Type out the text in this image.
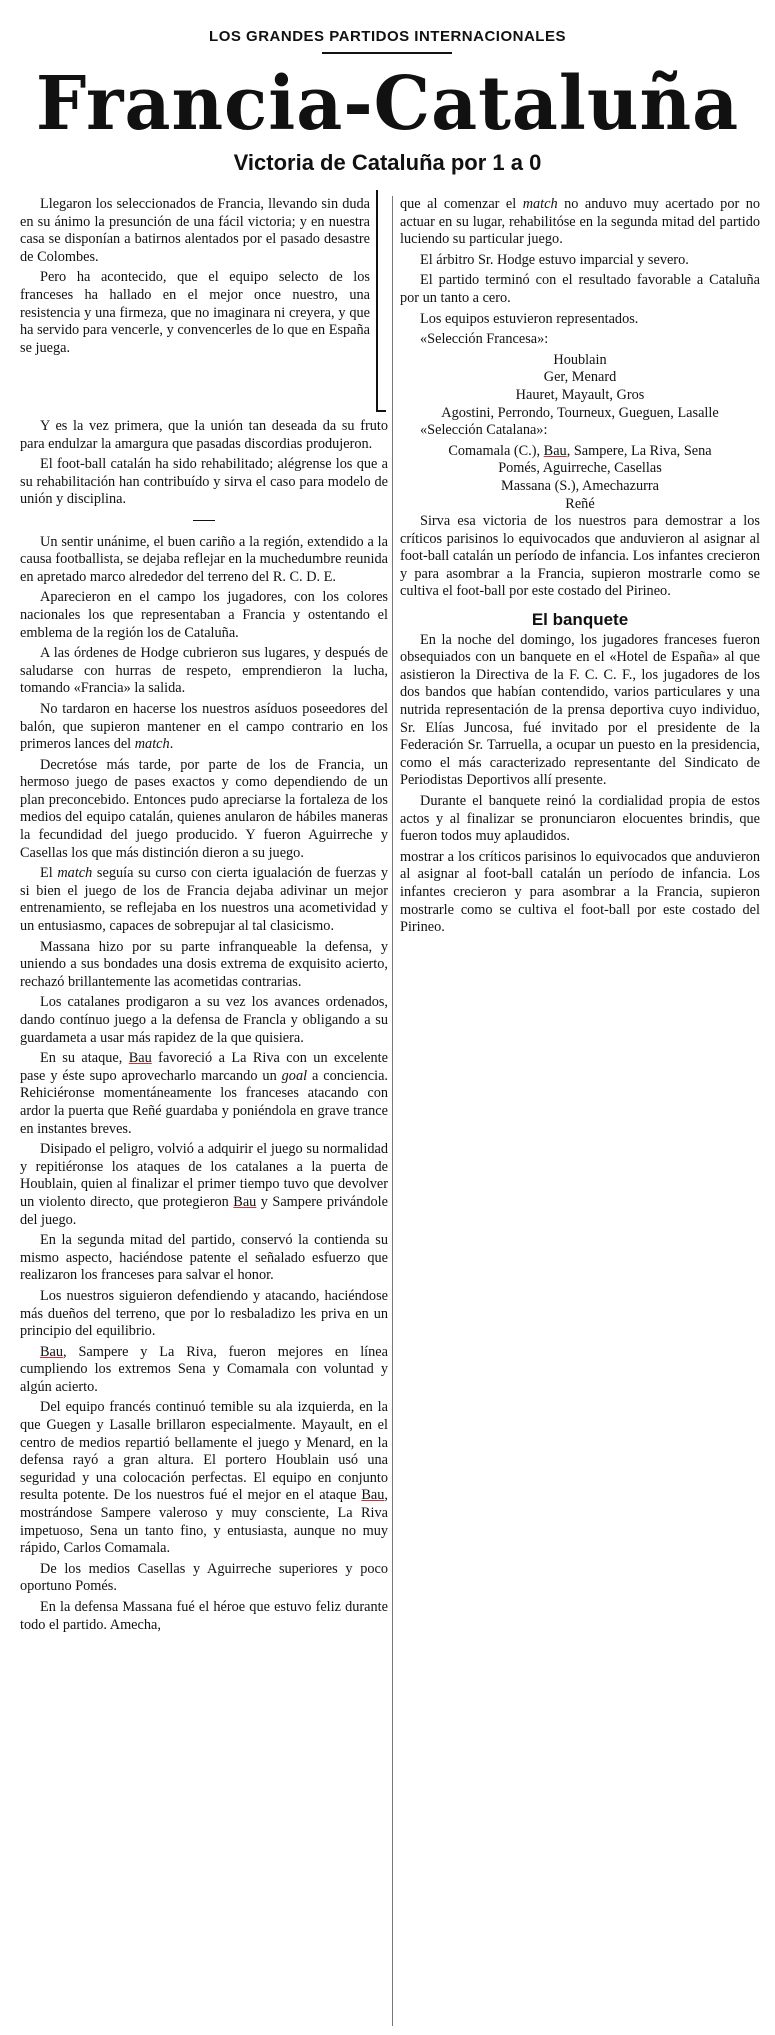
LOS GRANDES PARTIDOS INTERNACIONALES
Francia-Cataluña
Victoria de Cataluña por 1 a 0

Llegaron los seleccionados de Francia, llevando sin duda en su ánimo la presunción de una fácil victoria; y en nuestra casa se disponían a batirnos alentados por el pasado desastre de Colombes.

Pero ha acontecido, que el equipo selecto de los franceses ha hallado en el mejor once nuestro, una resistencia y una firmeza, que no imaginara ni creyera, y que ha servido para vencerle, y convencerles de lo que en España se juega.

Y es la vez primera, que la unión tan deseada da su fruto para endulzar la amargura que pasadas discordias produjeron.

El foot-ball catalán ha sido rehabilitado; alégrense los que a su rehabilitación han contribuído y sirva el caso para modelo de unión y disciplina.

Un sentir unánime, el buen cariño a la región, extendido a la causa footballista, se dejaba reflejar en la muchedumbre reunida en apretado marco alrededor del terreno del R. C. D. E.

Aparecieron en el campo los jugadores, con los colores nacionales los que representaban a Francia y ostentando el emblema de la región los de Cataluña.

A las órdenes de Hodge cubrieron sus lugares, y después de saludarse con hurras de respeto, emprendieron la lucha, tomando «Francia» la salida.

No tardaron en hacerse los nuestros asíduos poseedores del balón, que supieron mantener en el campo contrario en los primeros lances del match.

Decretóse más tarde, por parte de los de Francia, un hermoso juego de pases exactos y como dependiendo de un plan preconcebido. Entonces pudo apreciarse la fortaleza de los medios del equipo catalán, quienes anularon de hábiles maneras la fecundidad del juego producido. Y fueron Aguirreche y Casellas los que más distinción dieron a su juego.

El match seguía su curso con cierta igualación de fuerzas y si bien el juego de los de Francia dejaba adivinar un mejor entrenamiento, se reflejaba en los nuestros una acometividad y un entusiasmo, capaces de sobrepujar al tal clasicismo.

Massana hizo por su parte infranqueable la defensa, y uniendo a sus bondades una dosis extrema de exquisito acierto, rechazó brillantemente las acometidas contrarias.

Los catalanes prodigaron a su vez los avances ordenados, dando contínuo juego a la defensa de Francla y obligando a su guardameta a usar más rapidez de la que quisiera.

En su ataque, Bau favoreció a La Riva con un excelente pase y éste supo aprovecharlo marcando un goal a conciencia. Rehiciéronse momentáneamente los franceses atacando con ardor la puerta que Reñé guardaba y poniéndola en grave trance en instantes breves.

Disipado el peligro, volvió a adquirir el juego su normalidad y repitiéronse los ataques de los catalanes a la puerta de Houblain, quien al finalizar el primer tiempo tuvo que devolver un violento directo, que protegieron Bau y Sampere privándole del juego.

En la segunda mitad del partido, conservó la contienda su mismo aspecto, haciéndose patente el señalado esfuerzo que realizaron los franceses para salvar el honor.

Los nuestros siguieron defendiendo y atacando, haciéndose más dueños del terreno, que por lo resbaladizo les priva en un principio del equilibrio.

Bau, Sampere y La Riva, fueron mejores en línea cumpliendo los extremos Sena y Comamala con voluntad y algún acierto.

Del equipo francés continuó temible su ala izquierda, en la que Guegen y Lasalle brillaron especialmente. Mayault, en el centro de medios repartió bellamente el juego y Menard, en la defensa rayó a gran altura. El portero Houblain usó una seguridad y una colocación perfectas. El equipo en conjunto resulta potente. De los nuestros fué el mejor en el ataque Bau, mostrándose Sampere valeroso y muy consciente, La Riva impetuoso, Sena un tanto fino, y entusiasta, aunque no muy rápido, Carlos Comamala.

De los medios Casellas y Aguirreche superiores y poco oportuno Pomés.

En la defensa Massana fué el héroe que estuvo feliz durante todo el partido. Amecha,

que al comenzar el match no anduvo muy acertado por no actuar en su lugar, rehabilitóse en la segunda mitad del partido luciendo su particular juego.

El árbitro Sr. Hodge estuvo imparcial y severo.

El partido terminó con el resultado favorable a Cataluña por un tanto a cero.

Los equipos estuvieron representados.

«Selección Francesa»:

Houblain

Ger, Menard

Hauret, Mayault, Gros

Agostini, Perrondo, Tourneux, Gueguen, Lasalle

«Selección Catalana»:

Comamala (C.), Bau, Sampere, La Riva, Sena

Pomés, Aguirreche, Casellas

Massana (S.), Amechazurra

Reñé

Sirva esa victoria de los nuestros para demostrar a los críticos parisinos lo equivocados que anduvieron al asignar al foot-ball catalán un período de infancia. Los infantes crecieron y para asombrar a la Francia, supieron mostrarle como se cultiva el foot-ball por este costado del Pirineo.

El banquete

En la noche del domingo, los jugadores franceses fueron obsequiados con un banquete en el «Hotel de España» al que asistieron la Directiva de la F. C. C. F., los jugadores de los dos bandos que habían contendido, varios particulares y una nutrida representación de la prensa deportiva cuyo individuo, Sr. Elías Juncosa, fué invitado por el presidente de la Federación Sr. Tarruella, a ocupar un puesto en la presidencia, como el más caracterizado representante del Sindicato de Periodistas Deportivos allí presente.

Durante el banquete reinó la cordialidad propia de estos actos y al finalizar se pronunciaron elocuentes brindis, que fueron todos muy aplaudidos.

mostrar a los críticos parisinos lo equivocados que anduvieron al asignar al foot-ball catalán un período de infancia. Los infantes crecieron y para asombrar a la Francia, supieron mostrarle como se cultiva el foot-ball por este costado del Pirineo.
